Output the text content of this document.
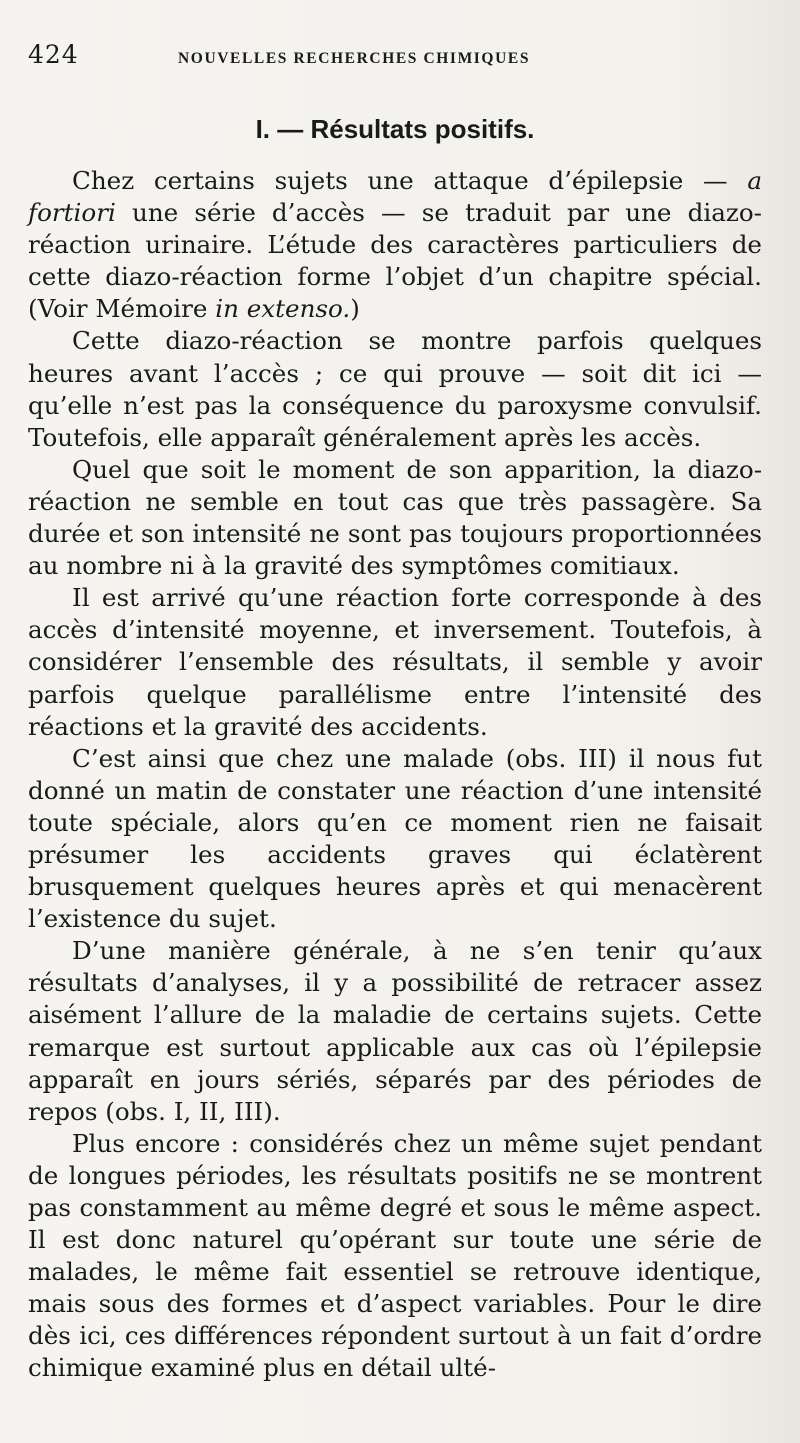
424	NOUVELLES RECHERCHES CHIMIQUES
I. — Résultats positifs.

Chez certains sujets une attaque d’épilepsie — a fortiori une série d’accès — se traduit par une diazo-réaction urinaire. L’étude des caractères particuliers de cette diazo-réaction forme l’objet d’un chapitre spécial. (Voir Mémoire in extenso.)

Cette diazo-réaction se montre parfois quelques heures avant l’accès ; ce qui prouve — soit dit ici — qu’elle n’est pas la conséquence du paroxysme convulsif. Toutefois, elle apparaît généralement après les accès.

Quel que soit le moment de son apparition, la diazo-réaction ne semble en tout cas que très passagère. Sa durée et son intensité ne sont pas toujours proportionnées au nombre ni à la gravité des symptômes comitiaux.

Il est arrivé qu’une réaction forte corresponde à des accès d’intensité moyenne, et inversement. Toutefois, à considérer l’ensemble des résultats, il semble y avoir parfois quelque parallélisme entre l’intensité des réactions et la gravité des accidents.

C’est ainsi que chez une malade (obs. III) il nous fut donné un matin de constater une réaction d’une intensité toute spéciale, alors qu’en ce moment rien ne faisait présumer les accidents graves qui éclatèrent brusquement quelques heures après et qui menacèrent l’existence du sujet.

D’une manière générale, à ne s’en tenir qu’aux résultats d’analyses, il y a possibilité de retracer assez aisément l’allure de la maladie de certains sujets. Cette remarque est surtout applicable aux cas où l’épilepsie apparaît en jours sériés, séparés par des périodes de repos (obs. I, II, III).

Plus encore : considérés chez un même sujet pendant de longues périodes, les résultats positifs ne se montrent pas constamment au même degré et sous le même aspect. Il est donc naturel qu’opérant sur toute une série de malades, le même fait essentiel se retrouve identique, mais sous des formes et d’aspect variables. Pour le dire dès ici, ces différences répondent surtout à un fait d’ordre chimique examiné plus en détail ulté-
